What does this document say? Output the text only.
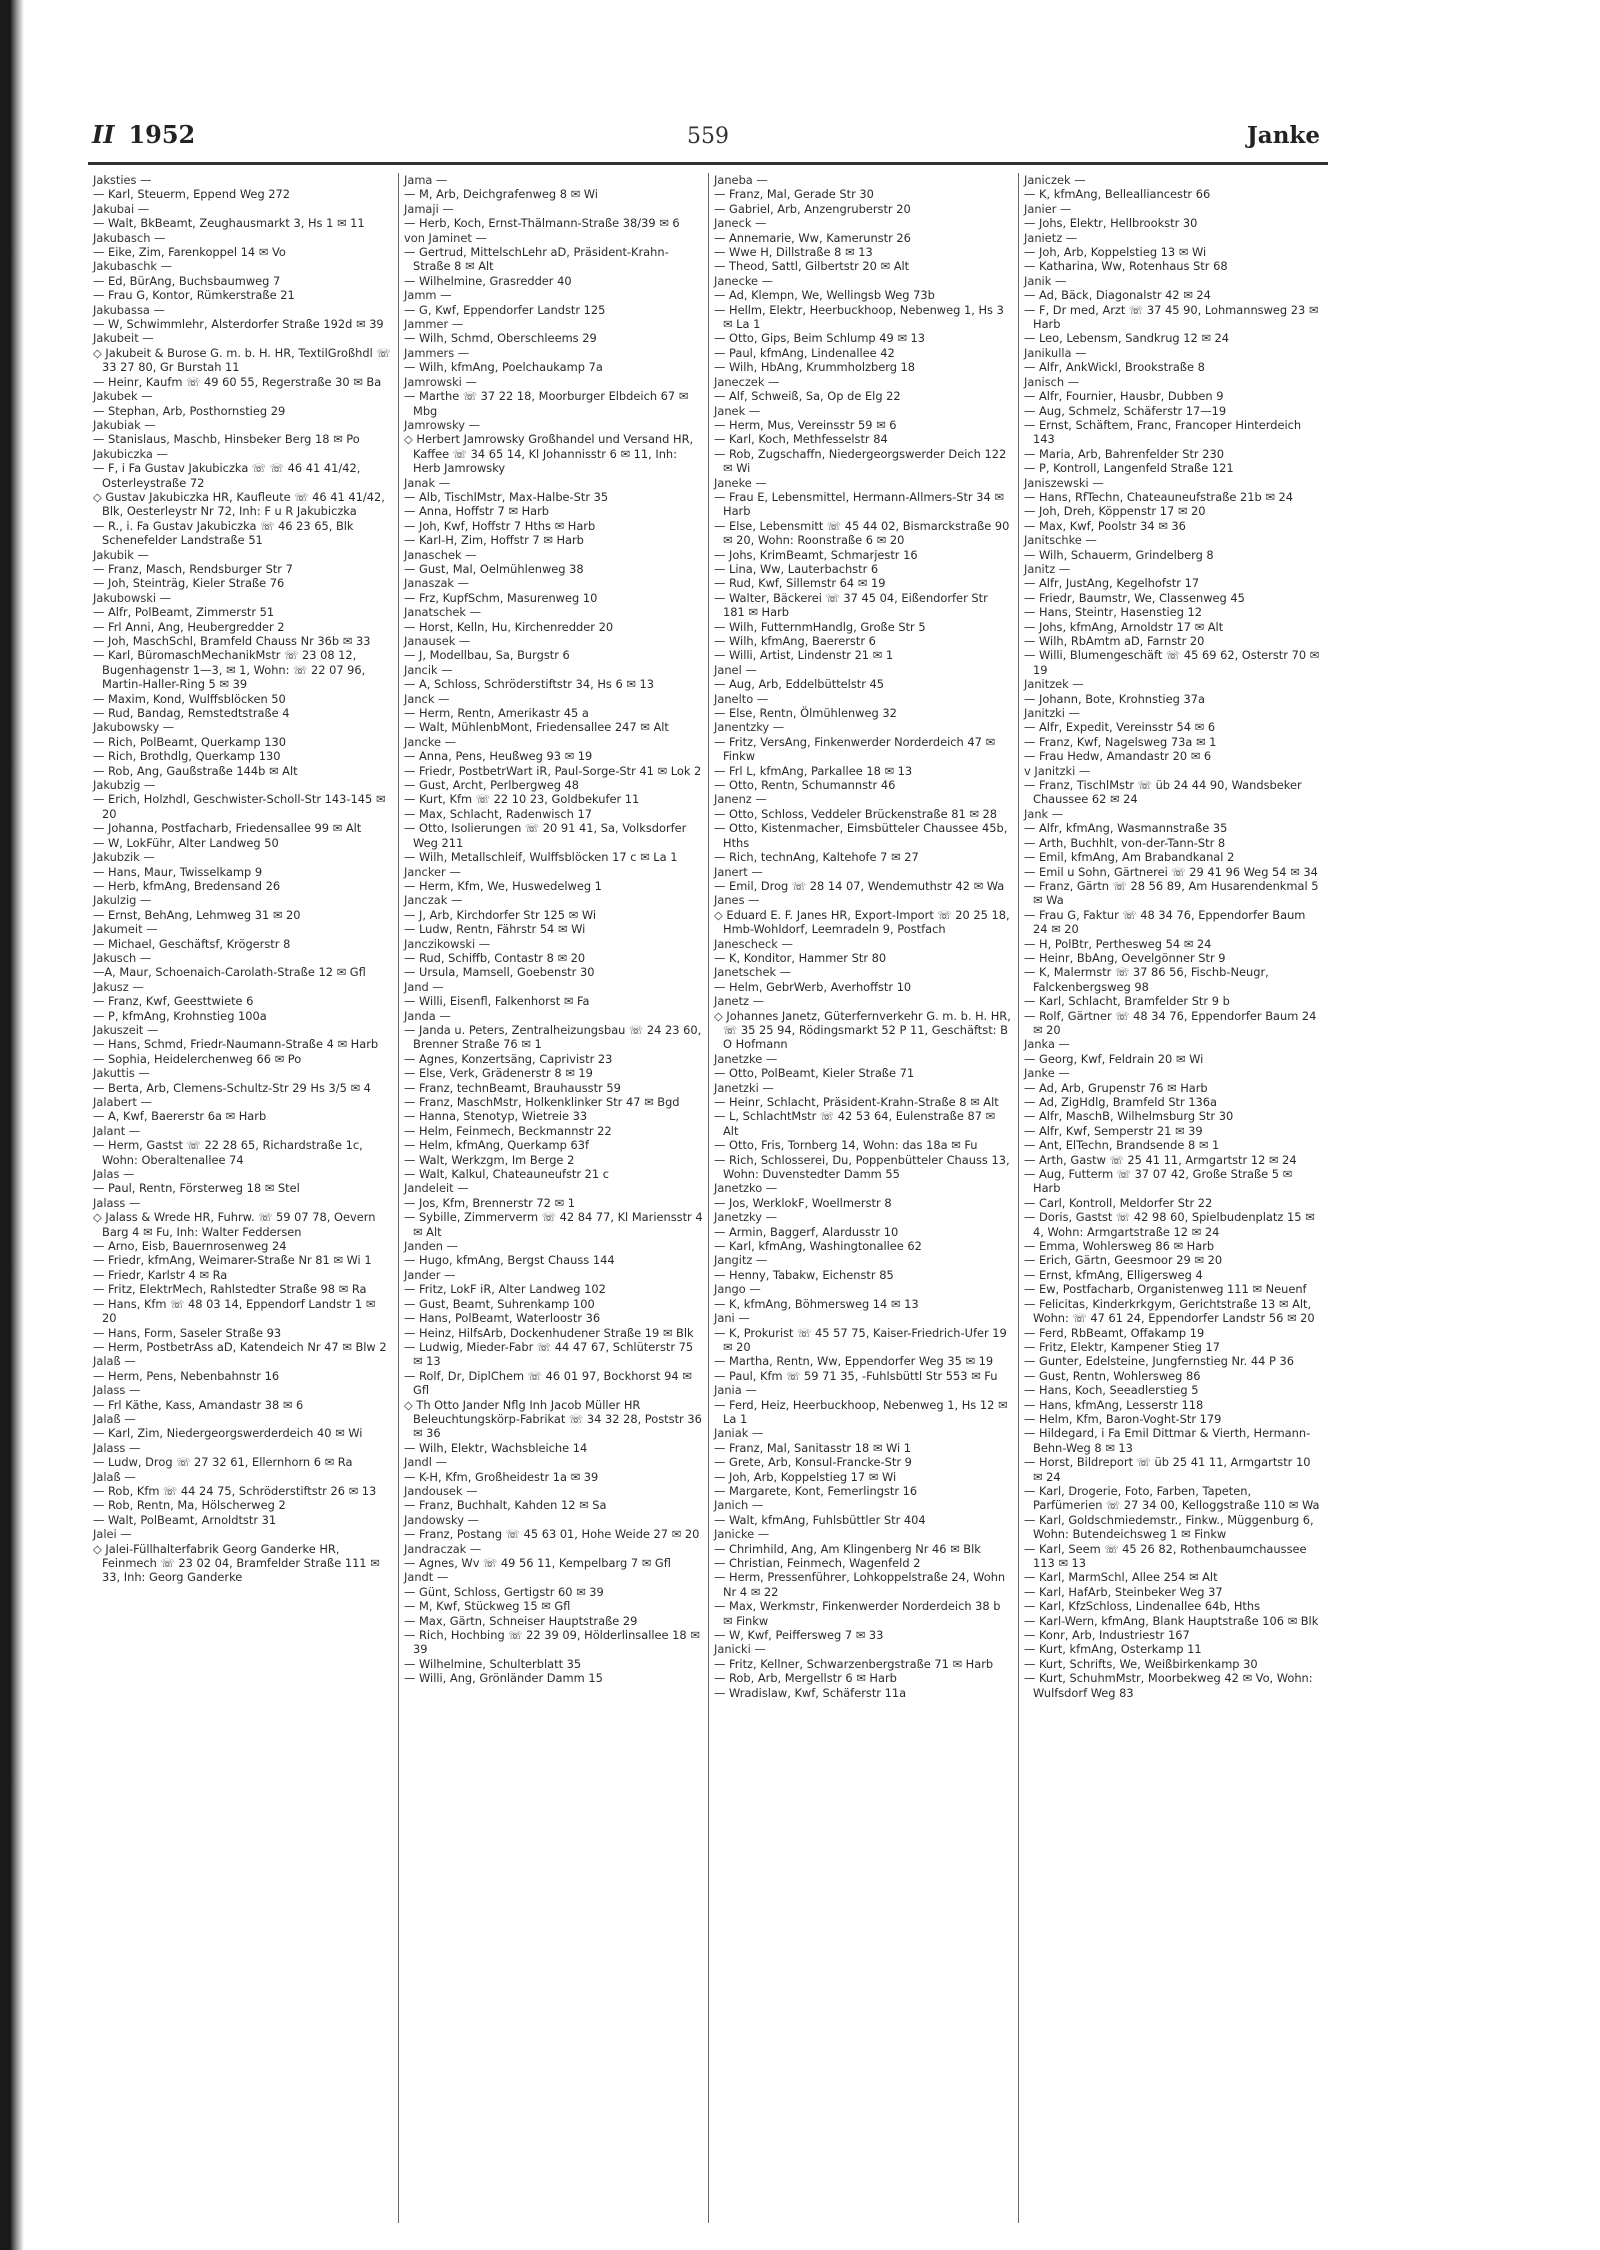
II 1952	559	Janke

Jaksties —

— Karl, Steuerm, Eppend Weg 272

Jakubai —

— Walt, BkBeamt, Zeughausmarkt 3, Hs 1 ✉ 11

Jakubasch —

— Eike, Zim, Farenkoppel 14 ✉ Vo

Jakubaschk —

— Ed, BürAng, Buchsbaumweg 7

— Frau G, Kontor, Rümkerstraße 21

Jakubassa —

— W, Schwimmlehr, Alsterdorfer Straße 192d ✉ 39

Jakubeit —

◇ Jakubeit & Burose G. m. b. H. HR, TextilGroßhdl ☏ 33 27 80, Gr Burstah 11

— Heinr, Kaufm ☏ 49 60 55, Regerstraße 30 ✉ Ba

Jakubek —

— Stephan, Arb, Posthornstieg 29

Jakubiak —

— Stanislaus, Maschb, Hinsbeker Berg 18 ✉ Po

Jakubiczka —

— F, i Fa Gustav Jakubiczka ☏ ☏ 46 41 41/42, Osterleystraße 72

◇ Gustav Jakubiczka HR, Kaufleute ☏ 46 41 41/42, Blk, Oesterleystr Nr 72, Inh: F u R Jakubiczka

— R., i. Fa Gustav Jakubiczka ☏ 46 23 65, Blk Schenefelder Landstraße 51

Jakubik —

— Franz, Masch, Rendsburger Str 7

— Joh, Steinträg, Kieler Straße 76

Jakubowski —

— Alfr, PolBeamt, Zimmerstr 51

— Frl Anni, Ang, Heubergredder 2

— Joh, MaschSchl, Bramfeld Chauss Nr 36b ✉ 33

— Karl, BüromaschMechanikMstr ☏ 23 08 12, Bugenhagenstr 1—3, ✉ 1, Wohn: ☏ 22 07 96, Martin-Haller-Ring 5 ✉ 39

— Maxim, Kond, Wulffsblöcken 50

— Rud, Bandag, Remstedtstraße 4

Jakubowsky —

— Rich, PolBeamt, Querkamp 130

— Rich, Brothdlg, Querkamp 130

— Rob, Ang, Gaußstraße 144b ✉ Alt

Jakubzig —

— Erich, Holzhdl, Geschwister-Scholl-Str 143-145 ✉ 20

— Johanna, Postfacharb, Friedensallee 99 ✉ Alt

— W, LokFühr, Alter Landweg 50

Jakubzik —

— Hans, Maur, Twisselkamp 9

— Herb, kfmAng, Bredensand 26

Jakulzig —

— Ernst, BehAng, Lehmweg 31 ✉ 20

Jakumeit —

— Michael, Geschäftsf, Krögerstr 8

Jakusch —

—A, Maur, Schoenaich-Carolath-Straße 12 ✉ Gfl

Jakusz —

— Franz, Kwf, Geesttwiete 6

— P, kfmAng, Krohnstieg 100a

Jakuszeit —

— Hans, Schmd, Friedr-Naumann-Straße 4 ✉ Harb

— Sophia, Heidelerchenweg 66 ✉ Po

Jakuttis —

— Berta, Arb, Clemens-Schultz-Str 29 Hs 3/5 ✉ 4

Jalabert —

— A, Kwf, Baererstr 6a ✉ Harb

Jalant —

— Herm, Gastst ☏ 22 28 65, Richardstraße 1c, Wohn: Oberaltenallee 74

Jalas —

— Paul, Rentn, Försterweg 18 ✉ Stel

Jalass —

◇ Jalass & Wrede HR, Fuhrw. ☏ 59 07 78, Oevern Barg 4 ✉ Fu, Inh: Walter Feddersen

— Arno, Eisb, Bauernrosenweg 24

— Friedr, kfmAng, Weimarer-Straße Nr 81 ✉ Wi 1

— Friedr, Karlstr 4 ✉ Ra

— Fritz, ElektrMech, Rahlstedter Straße 98 ✉ Ra

— Hans, Kfm ☏ 48 03 14, Eppendorf Landstr 1 ✉ 20

— Hans, Form, Saseler Straße 93

— Herm, PostbetrAss aD, Katendeich Nr 47 ✉ Blw 2

Jalaß —

— Herm, Pens, Nebenbahnstr 16

Jalass —

— Frl Käthe, Kass, Amandastr 38 ✉ 6

Jalaß —

— Karl, Zim, Niedergeorgswerderdeich 40 ✉ Wi

Jalass —

— Ludw, Drog ☏ 27 32 61, Ellernhorn 6 ✉ Ra

Jalaß —

— Rob, Kfm ☏ 44 24 75, Schröderstiftstr 26 ✉ 13

— Rob, Rentn, Ma, Hölscherweg 2

— Walt, PolBeamt, Arnoldtstr 31

Jalei —

◇ Jalei-Füllhalterfabrik Georg Ganderke HR, Feinmech ☏ 23 02 04, Bramfelder Straße 111 ✉ 33, Inh: Georg Ganderke

Jama —

— M, Arb, Deichgrafenweg 8 ✉ Wi

Jamaji —

— Herb, Koch, Ernst-Thälmann-Straße 38/39 ✉ 6

von Jaminet —

— Gertrud, MittelschLehr aD, Präsident-Krahn-Straße 8 ✉ Alt

— Wilhelmine, Grasredder 40

Jamm —

— G, Kwf, Eppendorfer Landstr 125

Jammer —

— Wilh, Schmd, Oberschleems 29

Jammers —

— Wilh, kfmAng, Poelchaukamp 7a

Jamrowski —

— Marthe ☏ 37 22 18, Moorburger Elbdeich 67 ✉ Mbg

Jamrowsky —

◇ Herbert Jamrowsky Großhandel und Versand HR, Kaffee ☏ 34 65 14, Kl Johannisstr 6 ✉ 11, Inh: Herb Jamrowsky

Janak —

— Alb, TischlMstr, Max-Halbe-Str 35

— Anna, Hoffstr 7 ✉ Harb

— Joh, Kwf, Hoffstr 7 Hths ✉ Harb

— Karl-H, Zim, Hoffstr 7 ✉ Harb

Janaschek —

— Gust, Mal, Oelmühlenweg 38

Janaszak —

— Frz, KupfSchm, Masurenweg 10

Janatschek —

— Horst, Kelln, Hu, Kirchenredder 20

Janausek —

— J, Modellbau, Sa, Burgstr 6

Jancik —

— A, Schloss, Schröderstiftstr 34, Hs 6 ✉ 13

Janck —

— Herm, Rentn, Amerikastr 45 a

— Walt, MühlenbMont, Friedensallee 247 ✉ Alt

Jancke —

— Anna, Pens, Heußweg 93 ✉ 19

— Friedr, PostbetrWart iR, Paul-Sorge-Str 41 ✉ Lok 2

— Gust, Archt, Perlbergweg 48

— Kurt, Kfm ☏ 22 10 23, Goldbekufer 11

— Max, Schlacht, Radenwisch 17

— Otto, Isolierungen ☏ 20 91 41, Sa, Volksdorfer Weg 211

— Wilh, Metallschleif, Wulffsblöcken 17 c ✉ La 1

Jancker —

— Herm, Kfm, We, Huswedelweg 1

Janczak —

— J, Arb, Kirchdorfer Str 125 ✉ Wi

— Ludw, Rentn, Fährstr 54 ✉ Wi

Janczikowski —

— Rud, Schiffb, Contastr 8 ✉ 20

— Ursula, Mamsell, Goebenstr 30

Jand —

— Willi, Eisenfl, Falkenhorst ✉ Fa

Janda —

— Janda u. Peters, Zentralheizungsbau ☏ 24 23 60, Brenner Straße 76 ✉ 1

— Agnes, Konzertsäng, Caprivistr 23

— Else, Verk, Grädenerstr 8 ✉ 19

— Franz, technBeamt, Brauhausstr 59

— Franz, MaschMstr, Holkenklinker Str 47 ✉ Bgd

— Hanna, Stenotyp, Wietreie 33

— Helm, Feinmech, Beckmannstr 22

— Helm, kfmAng, Querkamp 63f

— Walt, Werkzgm, Im Berge 2

— Walt, Kalkul, Chateauneufstr 21 c

Jandeleit —

— Jos, Kfm, Brennerstr 72 ✉ 1

— Sybille, Zimmerverm ☏ 42 84 77, Kl Mariensstr 4 ✉ Alt

Janden —

— Hugo, kfmAng, Bergst Chauss 144

Jander —

— Fritz, LokF iR, Alter Landweg 102

— Gust, Beamt, Suhrenkamp 100

— Hans, PolBeamt, Waterloostr 36

— Heinz, HilfsArb, Dockenhudener Straße 19 ✉ Blk

— Ludwig, Mieder-Fabr ☏ 44 47 67, Schlüterstr 75 ✉ 13

— Rolf, Dr, DiplChem ☏ 46 01 97, Bockhorst 94 ✉ Gfl

◇ Th Otto Jander Nflg Inh Jacob Müller HR Beleuchtungskörp-Fabrikat ☏ 34 32 28, Poststr 36 ✉ 36

— Wilh, Elektr, Wachsbleiche 14

Jandl —

— K-H, Kfm, Großheidestr 1a ✉ 39

Jandousek —

— Franz, Buchhalt, Kahden 12 ✉ Sa

Jandowsky —

— Franz, Postang ☏ 45 63 01, Hohe Weide 27 ✉ 20

Jandraczak —

— Agnes, Wv ☏ 49 56 11, Kempelbarg 7 ✉ Gfl

Jandt —

— Günt, Schloss, Gertigstr 60 ✉ 39

— M, Kwf, Stückweg 15 ✉ Gfl

— Max, Gärtn, Schneiser Hauptstraße 29

— Rich, Hochbing ☏ 22 39 09, Hölderlinsallee 18 ✉ 39

— Wilhelmine, Schulterblatt 35

— Willi, Ang, Grönländer Damm 15

Janeba —

— Franz, Mal, Gerade Str 30

— Gabriel, Arb, Anzengruberstr 20

Janeck —

— Annemarie, Ww, Kamerunstr 26

— Wwe H, Dillstraße 8 ✉ 13

— Theod, Sattl, Gilbertstr 20 ✉ Alt

Janecke —

— Ad, Klempn, We, Wellingsb Weg 73b

— Hellm, Elektr, Heerbuckhoop, Nebenweg 1, Hs 3 ✉ La 1

— Otto, Gips, Beim Schlump 49 ✉ 13

— Paul, kfmAng, Lindenallee 42

— Wilh, HbAng, Krummholzberg 18

Janeczek —

— Alf, Schweiß, Sa, Op de Elg 22

Janek —

— Herm, Mus, Vereinsstr 59 ✉ 6

— Karl, Koch, Methfesselstr 84

— Rob, Zugschaffn, Niedergeorgswerder Deich 122 ✉ Wi

Janeke —

— Frau E, Lebensmittel, Hermann-Allmers-Str 34 ✉ Harb

— Else, Lebensmitt ☏ 45 44 02, Bismarckstraße 90 ✉ 20, Wohn: Roonstraße 6 ✉ 20

— Johs, KrimBeamt, Schmarjestr 16

— Lina, Ww, Lauterbachstr 6

— Rud, Kwf, Sillemstr 64 ✉ 19

— Walter, Bäckerei ☏ 37 45 04, Eißendorfer Str 181 ✉ Harb

— Wilh, FutternmHandlg, Große Str 5

— Wilh, kfmAng, Baererstr 6

— Willi, Artist, Lindenstr 21 ✉ 1

Janel —

— Aug, Arb, Eddelbüttelstr 45

Janelto —

— Else, Rentn, Ölmühlenweg 32

Janentzky —

— Fritz, VersAng, Finkenwerder Norderdeich 47 ✉ Finkw

— Frl L, kfmAng, Parkallee 18 ✉ 13

— Otto, Rentn, Schumannstr 46

Janenz —

— Otto, Schloss, Veddeler Brückenstraße 81 ✉ 28

— Otto, Kistenmacher, Eimsbütteler Chaussee 45b, Hths

— Rich, technAng, Kaltehofe 7 ✉ 27

Janert —

— Emil, Drog ☏ 28 14 07, Wendemuthstr 42 ✉ Wa

Janes —

◇ Eduard E. F. Janes HR, Export-Import ☏ 20 25 18, Hmb-Wohldorf, Leemradeln 9, Postfach

Janescheck —

— K, Konditor, Hammer Str 80

Janetschek —

— Helm, GebrWerb, Averhoffstr 10

Janetz —

◇ Johannes Janetz, Güterfernverkehr G. m. b. H. HR, ☏ 35 25 94, Rödingsmarkt 52 P 11, Geschäftst: B O Hofmann

Janetzke —

— Otto, PolBeamt, Kieler Straße 71

Janetzki —

— Heinr, Schlacht, Präsident-Krahn-Straße 8 ✉ Alt

— L, SchlachtMstr ☏ 42 53 64, Eulenstraße 87 ✉ Alt

— Otto, Fris, Tornberg 14, Wohn: das 18a ✉ Fu

— Rich, Schlosserei, Du, Poppenbütteler Chauss 13, Wohn: Duvenstedter Damm 55

Janetzko —

— Jos, WerklokF, Woellmerstr 8

Janetzky —

— Armin, Baggerf, Alardusstr 10

— Karl, kfmAng, Washingtonallee 62

Jangitz —

— Henny, Tabakw, Eichenstr 85

Jango —

— K, kfmAng, Böhmersweg 14 ✉ 13

Jani —

— K, Prokurist ☏ 45 57 75, Kaiser-Friedrich-Ufer 19 ✉ 20

— Martha, Rentn, Ww, Eppendorfer Weg 35 ✉ 19

— Paul, Kfm ☏ 59 71 35, -Fuhlsbüttl Str 553 ✉ Fu

Jania —

— Ferd, Heiz, Heerbuckhoop, Nebenweg 1, Hs 12 ✉ La 1

Janiak —

— Franz, Mal, Sanitasstr 18 ✉ Wi 1

— Grete, Arb, Konsul-Francke-Str 9

— Joh, Arb, Koppelstieg 17 ✉ Wi

— Margarete, Kont, Femerlingstr 16

Janich —

— Walt, kfmAng, Fuhlsbüttler Str 404

Janicke —

— Chrimhild, Ang, Am Klingenberg Nr 46 ✉ Blk

— Christian, Feinmech, Wagenfeld 2

— Herm, Pressenführer, Lohkoppelstraße 24, Wohn Nr 4 ✉ 22

— Max, Werkmstr, Finkenwerder Norderdeich 38 b ✉ Finkw

— W, Kwf, Peiffersweg 7 ✉ 33

Janicki —

— Fritz, Kellner, Schwarzenbergstraße 71 ✉ Harb

— Rob, Arb, Mergellstr 6 ✉ Harb

— Wradislaw, Kwf, Schäferstr 11a

Janiczek —

— K, kfmAng, Bellealliancestr 66

Janier —

— Johs, Elektr, Hellbrookstr 30

Janietz —

— Joh, Arb, Koppelstieg 13 ✉ Wi

— Katharina, Ww, Rotenhaus Str 68

Janik —

— Ad, Bäck, Diagonalstr 42 ✉ 24

— F, Dr med, Arzt ☏ 37 45 90, Lohmannsweg 23 ✉ Harb

— Leo, Lebensm, Sandkrug 12 ✉ 24

Janikulla —

— Alfr, AnkWickl, Brookstraße 8

Janisch —

— Alfr, Fournier, Hausbr, Dubben 9

— Aug, Schmelz, Schäferstr 17—19

— Ernst, Schäftem, Franc, Francoper Hinterdeich 143

— Maria, Arb, Bahrenfelder Str 230

— P, Kontroll, Langenfeld Straße 121

Janiszewski —

— Hans, RfTechn, Chateauneufstraße 21b ✉ 24

— Joh, Dreh, Köppenstr 17 ✉ 20

— Max, Kwf, Poolstr 34 ✉ 36

Janitschke —

— Wilh, Schauerm, Grindelberg 8

Janitz —

— Alfr, JustAng, Kegelhofstr 17

— Friedr, Baumstr, We, Classenweg 45

— Hans, Steintr, Hasenstieg 12

— Johs, kfmAng, Arnoldstr 17 ✉ Alt

— Wilh, RbAmtm aD, Farnstr 20

— Willi, Blumengeschäft ☏ 45 69 62, Osterstr 70 ✉ 19

Janitzek —

— Johann, Bote, Krohnstieg 37a

Janitzki —

— Alfr, Expedit, Vereinsstr 54 ✉ 6

— Franz, Kwf, Nagelsweg 73a ✉ 1

— Frau Hedw, Amandastr 20 ✉ 6

v Janitzki —

— Franz, TischlMstr ☏ üb 24 44 90, Wandsbeker Chaussee 62 ✉ 24

Jank —

— Alfr, kfmAng, Wasmannstraße 35

— Arth, Buchhlt, von-der-Tann-Str 8

— Emil, kfmAng, Am Brabandkanal 2

— Emil u Sohn, Gärtnerei ☏ 29 41 96 Weg 54 ✉ 34

— Franz, Gärtn ☏ 28 56 89, Am Husarendenkmal 5 ✉ Wa

— Frau G, Faktur ☏ 48 34 76, Eppendorfer Baum 24 ✉ 20

— H, PolBtr, Perthesweg 54 ✉ 24

— Heinr, BbAng, Oevelgönner Str 9

— K, Malermstr ☏ 37 86 56, Fischb-Neugr, Falckenbergsweg 98

— Karl, Schlacht, Bramfelder Str 9 b

— Rolf, Gärtner ☏ 48 34 76, Eppendorfer Baum 24 ✉ 20

Janka —

— Georg, Kwf, Feldrain 20 ✉ Wi

Janke —

— Ad, Arb, Grupenstr 76 ✉ Harb

— Ad, ZigHdlg, Bramfeld Str 136a

— Alfr, MaschB, Wilhelmsburg Str 30

— Alfr, Kwf, Semperstr 21 ✉ 39

— Ant, ElTechn, Brandsende 8 ✉ 1

— Arth, Gastw ☏ 25 41 11, Armgartstr 12 ✉ 24

— Aug, Futterm ☏ 37 07 42, Große Straße 5 ✉ Harb

— Carl, Kontroll, Meldorfer Str 22

— Doris, Gastst ☏ 42 98 60, Spielbudenplatz 15 ✉ 4, Wohn: Armgartstraße 12 ✉ 24

— Emma, Wohlersweg 86 ✉ Harb

— Erich, Gärtn, Geesmoor 29 ✉ 20

— Ernst, kfmAng, Elligersweg 4

— Ew, Postfacharb, Organistenweg 111 ✉ Neuenf

— Felicitas, Kinderkrkgym, Gerichtstraße 13 ✉ Alt, Wohn: ☏ 47 61 24, Eppendorfer Landstr 56 ✉ 20

— Ferd, RbBeamt, Offakamp 19

— Fritz, Elektr, Kampener Stieg 17

— Gunter, Edelsteine, Jungfernstieg Nr. 44 P 36

— Gust, Rentn, Wohlersweg 86

— Hans, Koch, Seeadlerstieg 5

— Hans, kfmAng, Lesserstr 118

— Helm, Kfm, Baron-Voght-Str 179

— Hildegard, i Fa Emil Dittmar & Vierth, Hermann-Behn-Weg 8 ✉ 13

— Horst, Bildreport ☏ üb 25 41 11, Armgartstr 10 ✉ 24

— Karl, Drogerie, Foto, Farben, Tapeten, Parfümerien ☏ 27 34 00, Kelloggstraße 110 ✉ Wa

— Karl, Goldschmiedemstr., Finkw., Müggenburg 6, Wohn: Butendeichsweg 1 ✉ Finkw

— Karl, Seem ☏ 45 26 82, Rothenbaumchaussee 113 ✉ 13

— Karl, MarmSchl, Allee 254 ✉ Alt

— Karl, HafArb, Steinbeker Weg 37

— Karl, KfzSchloss, Lindenallee 64b, Hths

— Karl-Wern, kfmAng, Blank Hauptstraße 106 ✉ Blk

— Konr, Arb, Industriestr 167

— Kurt, kfmAng, Osterkamp 11

— Kurt, Schrifts, We, Weißbirkenkamp 30

— Kurt, SchuhmMstr, Moorbekweg 42 ✉ Vo, Wohn: Wulfsdorf Weg 83
